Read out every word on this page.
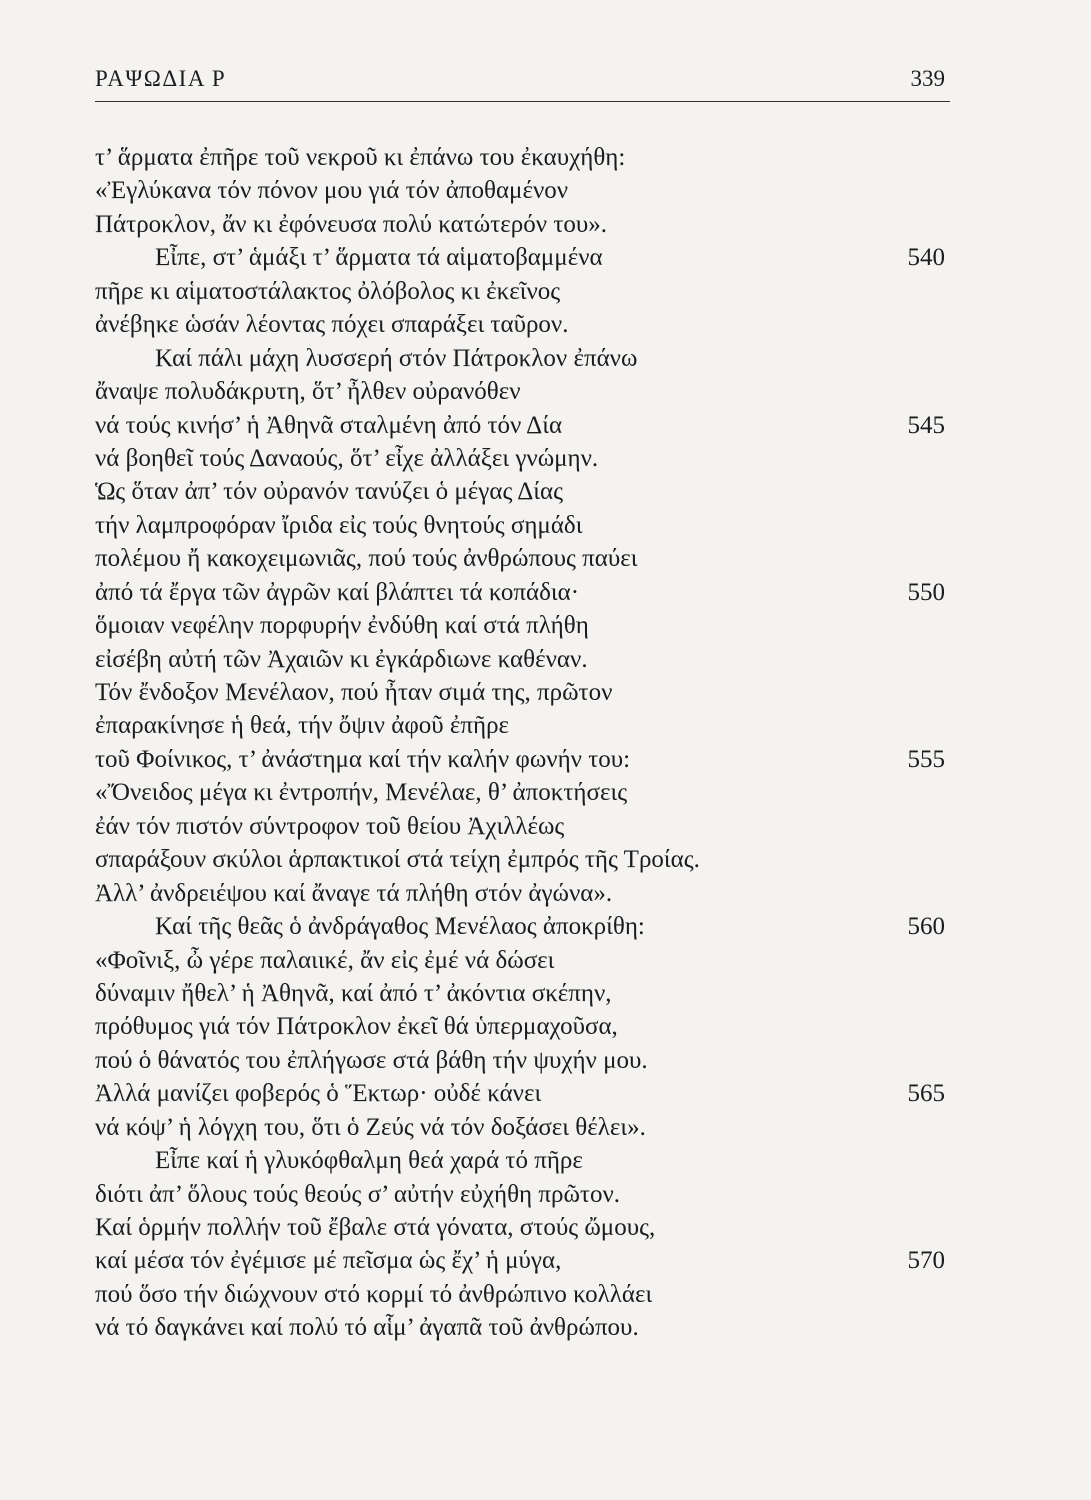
ΡΑΨΩΔΙΑ Ρ	339
τ’ ἅρματα ἐπῆρε τοῦ νεκροῦ κι ἐπάνω του ἐκαυχήθη:
«Ἐγλύκανα τόν πόνον μου γιά τόν ἀποθαμένον
Πάτροκλον, ἄν κι ἐφόνευσα πολύ κατώτερόν του».
Εἶπε, στ’ ἁμάξι τ’ ἅρματα τά αἱματοβαμμένα	540
πῆρε κι αἱματοστάλακτος ὀλόβολος κι ἐκεῖνος
ἀνέβηκε ὡσάν λέοντας πόχει σπαράξει ταῦρον.
Καί πάλι μάχη λυσσερή στόν Πάτροκλον ἐπάνω
ἄναψε πολυδάκρυτη, ὅτ’ ἦλθεν οὐρανόθεν
νά τούς κινήσ’ ἡ Ἀθηνᾶ σταλμένη ἀπό τόν Δία	545
νά βοηθεῖ τούς Δαναούς, ὅτ’ εἶχε ἀλλάξει γνώμην.
Ὡς ὅταν ἀπ’ τόν οὐρανόν τανύζει ὁ μέγας Δίας
τήν λαμπροφόραν ἴριδα εἰς τούς θνητούς σημάδι
πολέμου ἤ κακοχειμωνιᾶς, πού τούς ἀνθρώπους παύει
ἀπό τά ἔργα τῶν ἀγρῶν καί βλάπτει τά κοπάδια·	550
ὅμοιαν νεφέλην πορφυρήν ἐνδύθη καί στά πλήθη
εἰσέβη αὐτή τῶν Ἀχαιῶν κι ἐγκάρδιωνε καθέναν.
Τόν ἔνδοξον Μενέλαον, πού ἦταν σιμά της, πρῶτον
ἐπαρακίνησε ἡ θεά, τήν ὄψιν ἀφοῦ ἐπῆρε
τοῦ Φοίνικος, τ’ ἀνάστημα καί τήν καλήν φωνήν του:	555
«Ὄνειδος μέγα κι ἐντροπήν, Μενέλαε, θ’ ἀποκτήσεις
ἐάν τόν πιστόν σύντροφον τοῦ θείου Ἀχιλλέως
σπαράξουν σκύλοι ἁρπακτικοί στά τείχη ἐμπρός τῆς Τροίας.
Ἀλλ’ ἀνδρειέψου καί ἄναγε τά πλήθη στόν ἀγώνα».
Καί τῆς θεᾶς ὁ ἀνδράγαθος Μενέλαος ἀποκρίθη:	560
«Φοῖνιξ, ὦ γέρε παλαιικέ, ἄν εἰς ἐμέ νά δώσει
δύναμιν ἤθελ’ ἡ Ἀθηνᾶ, καί ἀπό τ’ ἀκόντια σκέπην,
πρόθυμος γιά τόν Πάτροκλον ἐκεῖ θά ὑπερμαχοῦσα,
πού ὁ θάνατός του ἐπλήγωσε στά βάθη τήν ψυχήν μου.
Ἀλλά μανίζει φοβερός ὁ Ἕκτωρ· οὐδέ κάνει	565
νά κόψ’ ἡ λόγχη του, ὅτι ὁ Ζεύς νά τόν δοξάσει θέλει».
Εἶπε καί ἡ γλυκόφθαλμη θεά χαρά τό πῆρε
διότι ἀπ’ ὅλους τούς θεούς σ’ αὐτήν εὐχήθη πρῶτον.
Καί ὁρμήν πολλήν τοῦ ἔβαλε στά γόνατα, στούς ὤμους,
καί μέσα τόν ἐγέμισε μέ πεῖσμα ὡς ἔχ’ ἡ μύγα,	570
πού ὅσο τήν διώχνουν στό κορμί τό ἀνθρώπινο κολλάει
νά τό δαγκάνει καί πολύ τό αἷμ’ ἀγαπᾶ τοῦ ἀνθρώπου.
